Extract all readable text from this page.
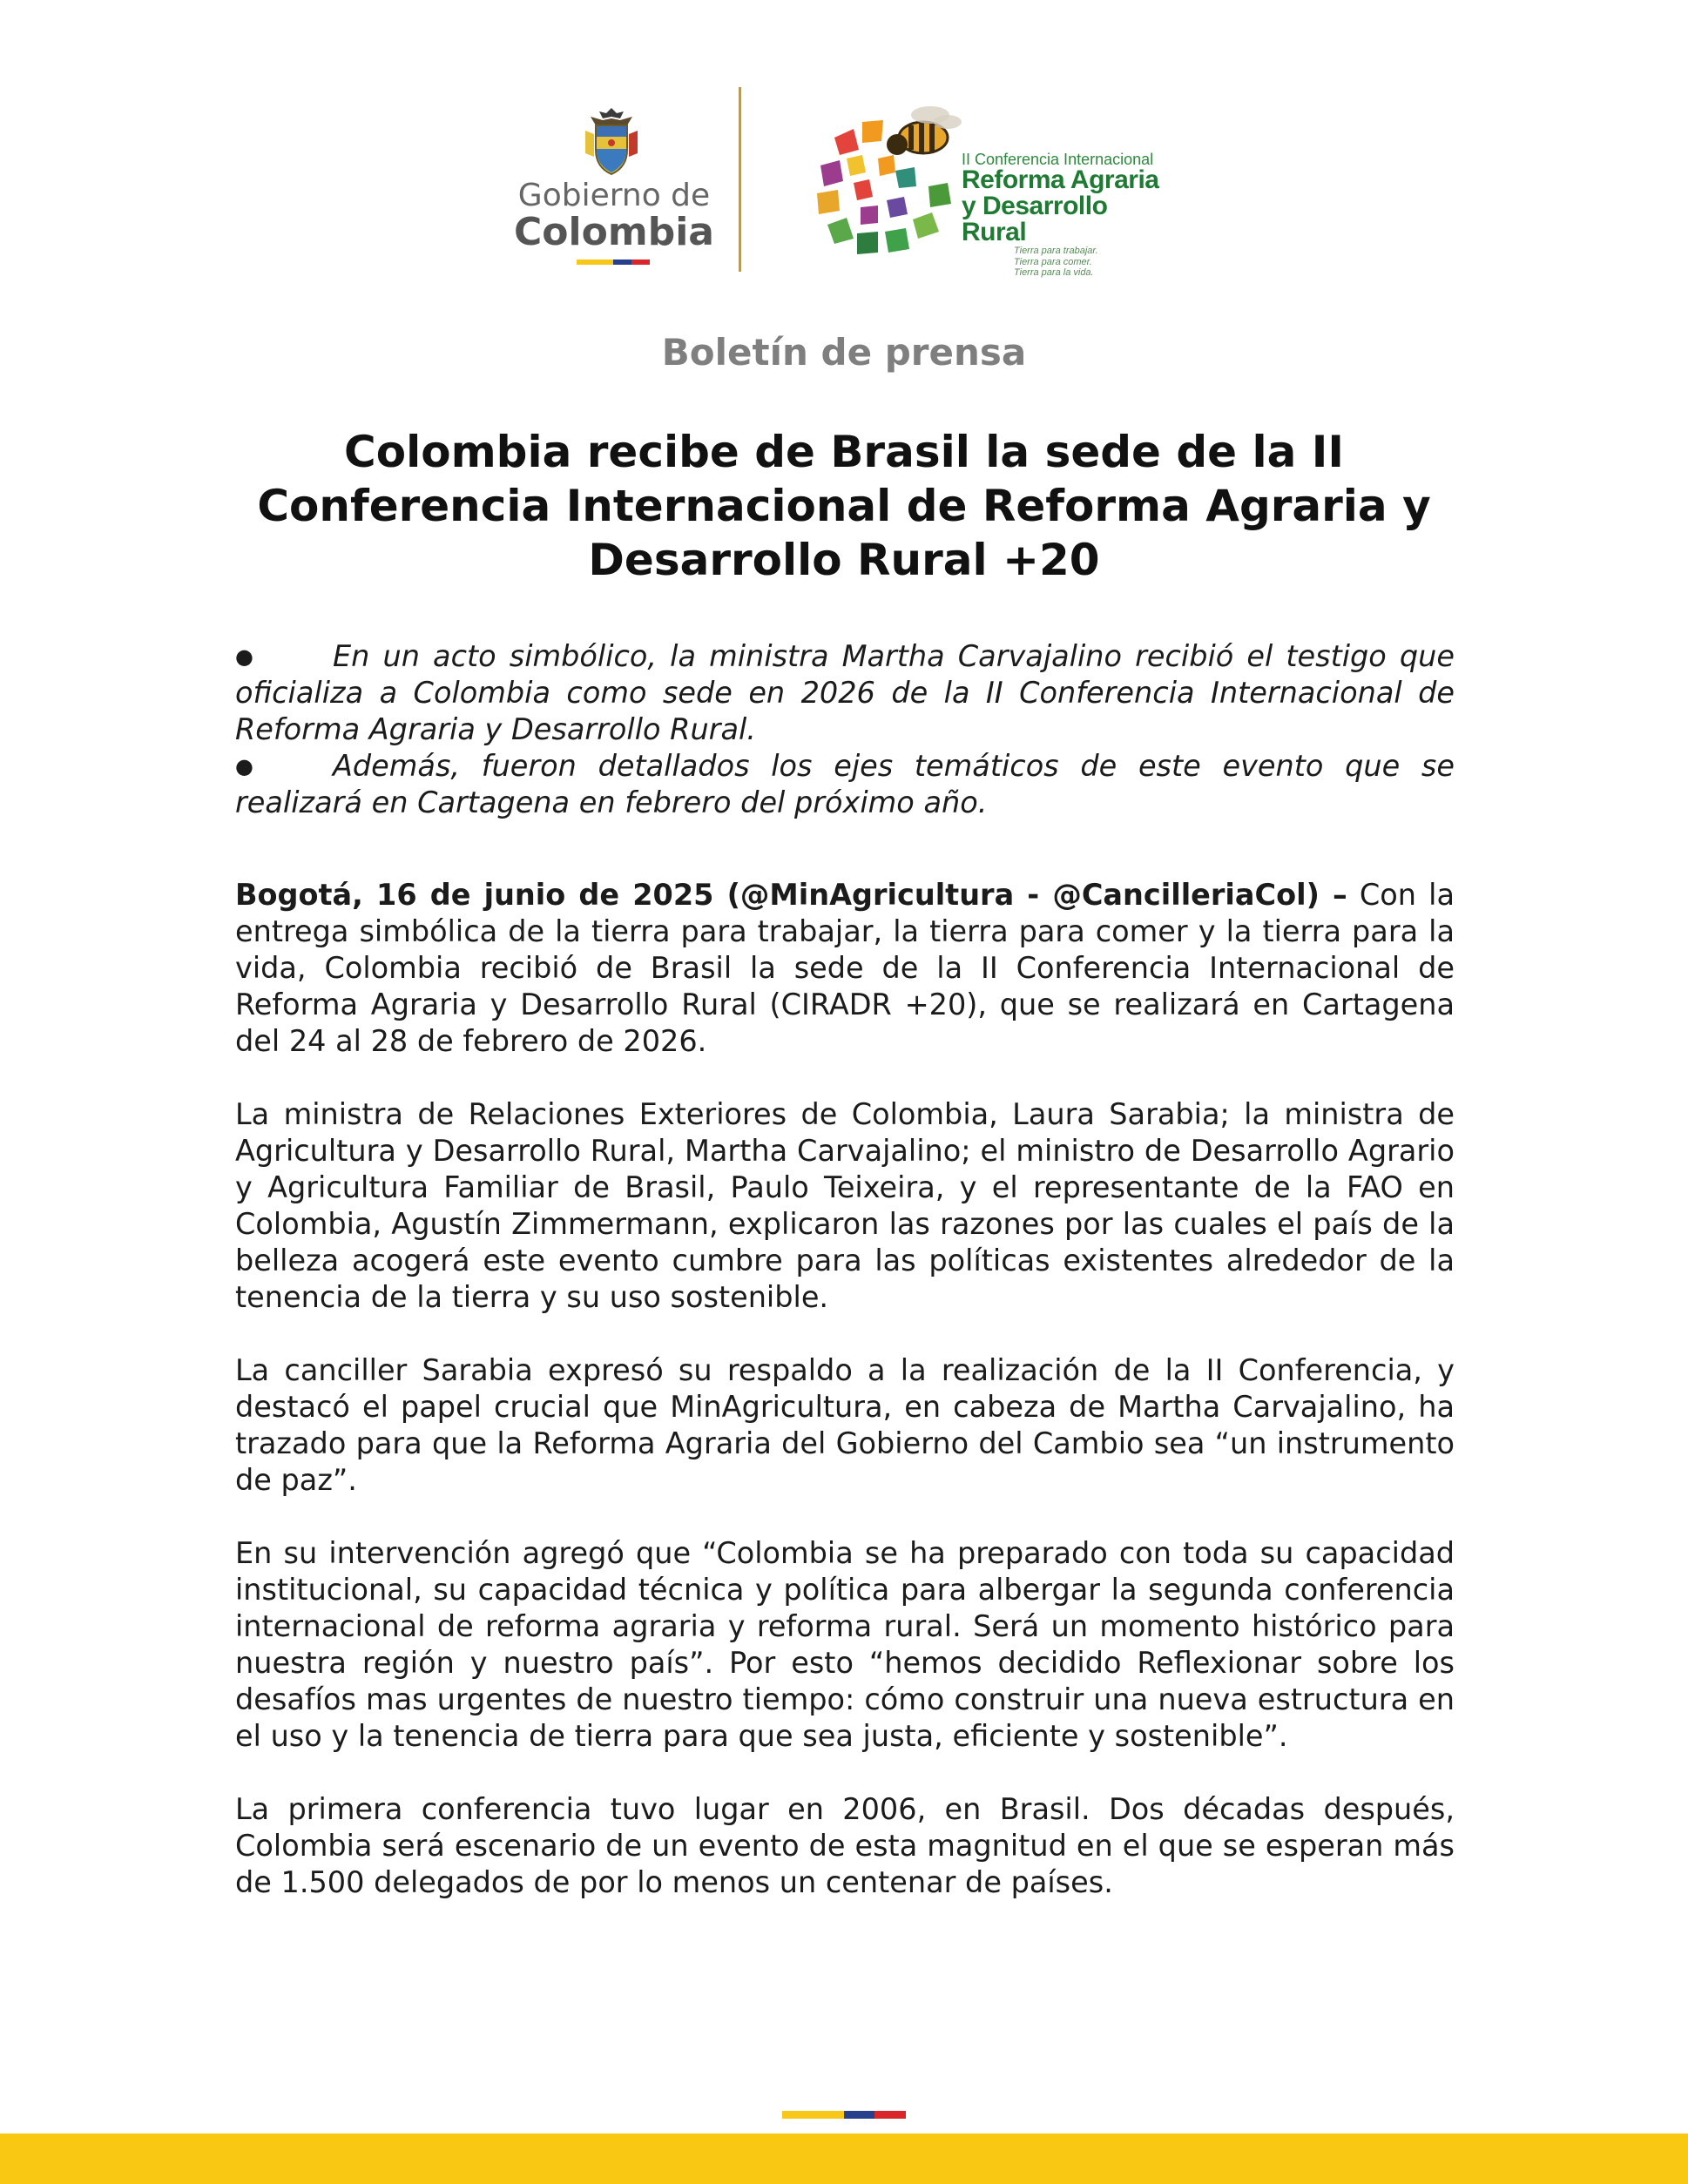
Gobierno de
Colombia
II Conferencia Internacional
Reforma Agraria
y Desarrollo Rural
Tierra para trabajar.
Tierra para comer.
Tierra para la vida.
Boletín de prensa
Colombia recibe de Brasil la sede de la II Conferencia Internacional de Reforma Agraria y Desarrollo Rural +20
●	En un acto simbólico, la ministra Martha Carvajalino recibió el testigo que oficializa a Colombia como sede en 2026 de la II Conferencia Internacional de Reforma Agraria y Desarrollo Rural.
●	Además, fueron detallados los ejes temáticos de este evento que se realizará en Cartagena en febrero del próximo año.

Bogotá, 16 de junio de 2025 (@MinAgricultura - @CancilleriaCol) – Con la entrega simbólica de la tierra para trabajar, la tierra para comer y la tierra para la vida, Colombia recibió de Brasil la sede de la II Conferencia Internacional de Reforma Agraria y Desarrollo Rural (CIRADR +20), que se realizará en Cartagena del 24 al 28 de febrero de 2026.

La ministra de Relaciones Exteriores de Colombia, Laura Sarabia; la ministra de Agricultura y Desarrollo Rural, Martha Carvajalino; el ministro de Desarrollo Agrario y Agricultura Familiar de Brasil, Paulo Teixeira, y el representante de la FAO en Colombia, Agustín Zimmermann, explicaron las razones por las cuales el país de la belleza acogerá este evento cumbre para las políticas existentes alrededor de la tenencia de la tierra y su uso sostenible.

La canciller Sarabia expresó su respaldo a la realización de la II Conferencia, y destacó el papel crucial que MinAgricultura, en cabeza de Martha Carvajalino, ha trazado para que la Reforma Agraria del Gobierno del Cambio sea “un instrumento de paz”.

En su intervención agregó que “Colombia se ha preparado con toda su capacidad institucional, su capacidad técnica y política para albergar la segunda conferencia internacional de reforma agraria y reforma rural. Será un momento histórico para nuestra región y nuestro país”. Por esto “hemos decidido Reflexionar sobre los desafíos mas urgentes de nuestro tiempo: cómo construir una nueva estructura en el uso y la tenencia de tierra para que sea justa, eficiente y sostenible”.

La primera conferencia tuvo lugar en 2006, en Brasil. Dos décadas después, Colombia será escenario de un evento de esta magnitud en el que se esperan más de 1.500 delegados de por lo menos un centenar de países.
